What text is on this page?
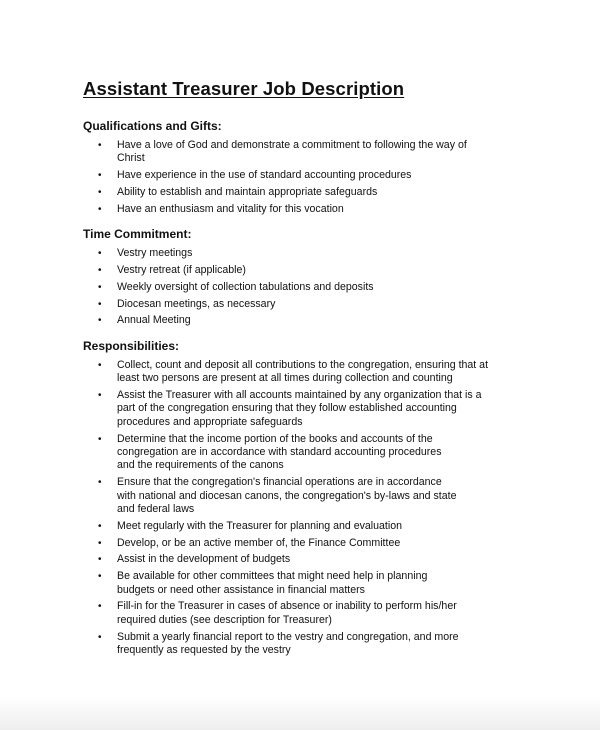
Assistant Treasurer Job Description
Qualifications and Gifts:
• Have a love of God and demonstrate a commitment to following the way of
Christ
• Have experience in the use of standard accounting procedures
• Ability to establish and maintain appropriate safeguards
• Have an enthusiasm and vitality for this vocation
Time Commitment:
• Vestry meetings
• Vestry retreat (if applicable)
• Weekly oversight of collection tabulations and deposits
• Diocesan meetings, as necessary
• Annual Meeting
Responsibilities:
• Collect, count and deposit all contributions to the congregation, ensuring that at
least two persons are present at all times during collection and counting
• Assist the Treasurer with all accounts maintained by any organization that is a
part of the congregation ensuring that they follow established accounting
procedures and appropriate safeguards
• Determine that the income portion of the books and accounts of the
congregation are in accordance with standard accounting procedures
and the requirements of the canons
• Ensure that the congregation's financial operations are in accordance
with national and diocesan canons, the congregation's by-laws and state
and federal laws
• Meet regularly with the Treasurer for planning and evaluation
• Develop, or be an active member of, the Finance Committee
• Assist in the development of budgets
• Be available for other committees that might need help in planning
budgets or need other assistance in financial matters
• Fill-in for the Treasurer in cases of absence or inability to perform his/her
required duties (see description for Treasurer)
• Submit a yearly financial report to the vestry and congregation, and more
frequently as requested by the vestry
